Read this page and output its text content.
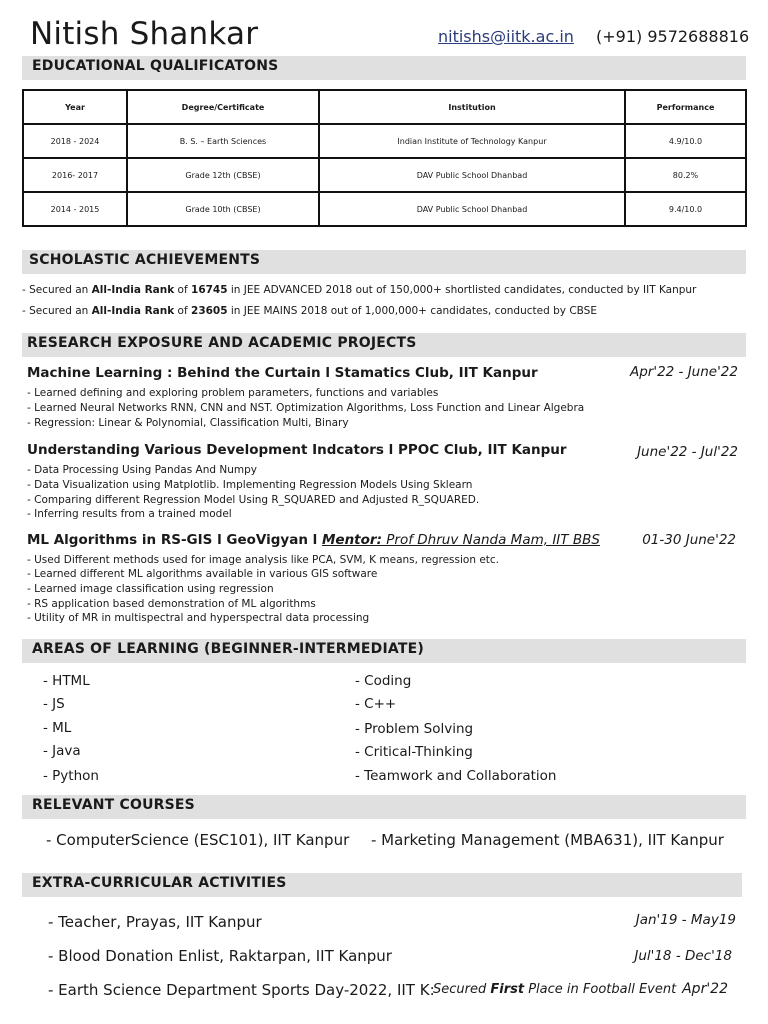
Nitish Shankar	nitishs@iitk.ac.in (+91) 9572688816
EDUCATIONAL QUALIFICATONS
Year	Degree/Certificate	Institution	Performance
2018 - 2024	B. S. – Earth Sciences	Indian Institute of Technology Kanpur	4.9/10.0
2016- 2017	Grade 12th (CBSE)	DAV Public School Dhanbad	80.2%
2014 - 2015	Grade 10th (CBSE)	DAV Public School Dhanbad	9.4/10.0
SCHOLASTIC ACHIEVEMENTS
- Secured an All-India Rank of 16745 in JEE ADVANCED 2018 out of 150,000+ shortlisted candidates, conducted by IIT Kanpur
- Secured an All-India Rank of 23605 in JEE MAINS 2018 out of 1,000,000+ candidates, conducted by CBSE
RESEARCH EXPOSURE AND ACADEMIC PROJECTS
Machine Learning : Behind the Curtain l Stamatics Club, IIT Kanpur	Apr'22 - June'22
- Learned defining and exploring problem parameters, functions and variables
- Learned Neural Networks RNN, CNN and NST. Optimization Algorithms, Loss Function and Linear Algebra
- Regression: Linear & Polynomial, Classification Multi, Binary
Understanding Various Development Indcators l PPOC Club, IIT Kanpur	June'22 - Jul'22
- Data Processing Using Pandas And Numpy
- Data Visualization using Matplotlib. Implementing Regression Models Using Sklearn
- Comparing different Regression Model Using R_SQUARED and Adjusted R_SQUARED.
- Inferring results from a trained model
ML Algorithms in RS-GIS l GeoVigyan l Mentor: Prof Dhruv Nanda Mam, IIT BBS	01-30 June'22
- Used Different methods used for image analysis like PCA, SVM, K means, regression etc.
- Learned different ML algorithms available in various GIS software
- Learned image classification using regression
- RS application based demonstration of ML algorithms
- Utility of MR in multispectral and hyperspectral data processing
AREAS OF LEARNING (BEGINNER-INTERMEDIATE)
- HTML
- JS
- ML
- Java
- Python
- Coding
- C++
- Problem Solving
- Critical-Thinking
- Teamwork and Collaboration
RELEVANT COURSES
- ComputerScience (ESC101), IIT Kanpur - Marketing Management (MBA631), IIT Kanpur
EXTRA-CURRICULAR ACTIVITIES
- Teacher, Prayas, IIT Kanpur	Jan'19 - May19
- Blood Donation Enlist, Raktarpan, IIT Kanpur	Jul'18 - Dec'18
- Earth Science Department Sports Day-2022, IIT K:
Secured First Place in Football Event Apr'22
